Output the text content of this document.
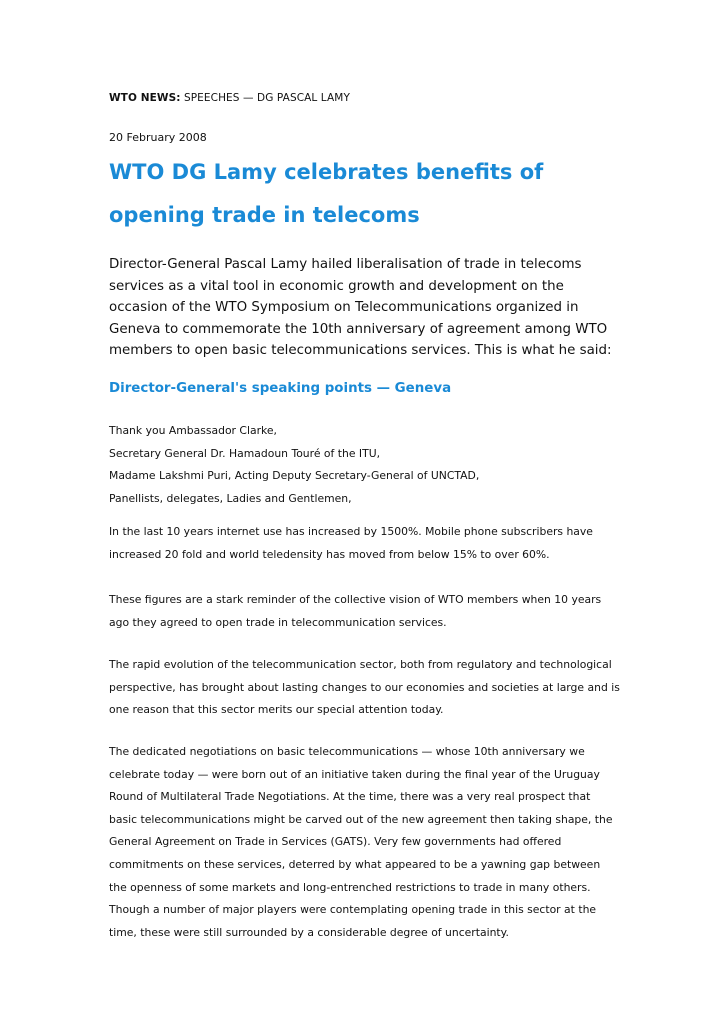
WTO NEWS: SPEECHES — DG PASCAL LAMY
20 February 2008
WTO DG Lamy celebrates benefits of opening trade in telecoms

Director-General Pascal Lamy hailed liberalisation of trade in telecoms services as a vital tool in economic growth and development on the occasion of the WTO Symposium on Telecommunications organized in Geneva to commemorate the 10th anniversary of agreement among WTO members to open basic telecommunications services. This is what he said:

Director-General's speaking points — Geneva

Thank you Ambassador Clarke,
Secretary General Dr. Hamadoun Touré of the ITU,
Madame Lakshmi Puri, Acting Deputy Secretary-General of UNCTAD,
Panellists, delegates, Ladies and Gentlemen,

In the last 10 years internet use has increased by 1500%. Mobile phone subscribers have increased 20 fold and world teledensity has moved from below 15% to over 60%.

These figures are a stark reminder of the collective vision of WTO members when 10 years ago they agreed to open trade in telecommunication services.

The rapid evolution of the telecommunication sector, both from regulatory and technological perspective, has brought about lasting changes to our economies and societies at large and is one reason that this sector merits our special attention today.

The dedicated negotiations on basic telecommunications — whose 10th anniversary we celebrate today — were born out of an initiative taken during the final year of the Uruguay Round of Multilateral Trade Negotiations. At the time, there was a very real prospect that basic telecommunications might be carved out of the new agreement then taking shape, the General Agreement on Trade in Services (GATS). Very few governments had offered commitments on these services, deterred by what appeared to be a yawning gap between the openness of some markets and long-entrenched restrictions to trade in many others. Though a number of major players were contemplating opening trade in this sector at the time, these were still surrounded by a considerable degree of uncertainty.
